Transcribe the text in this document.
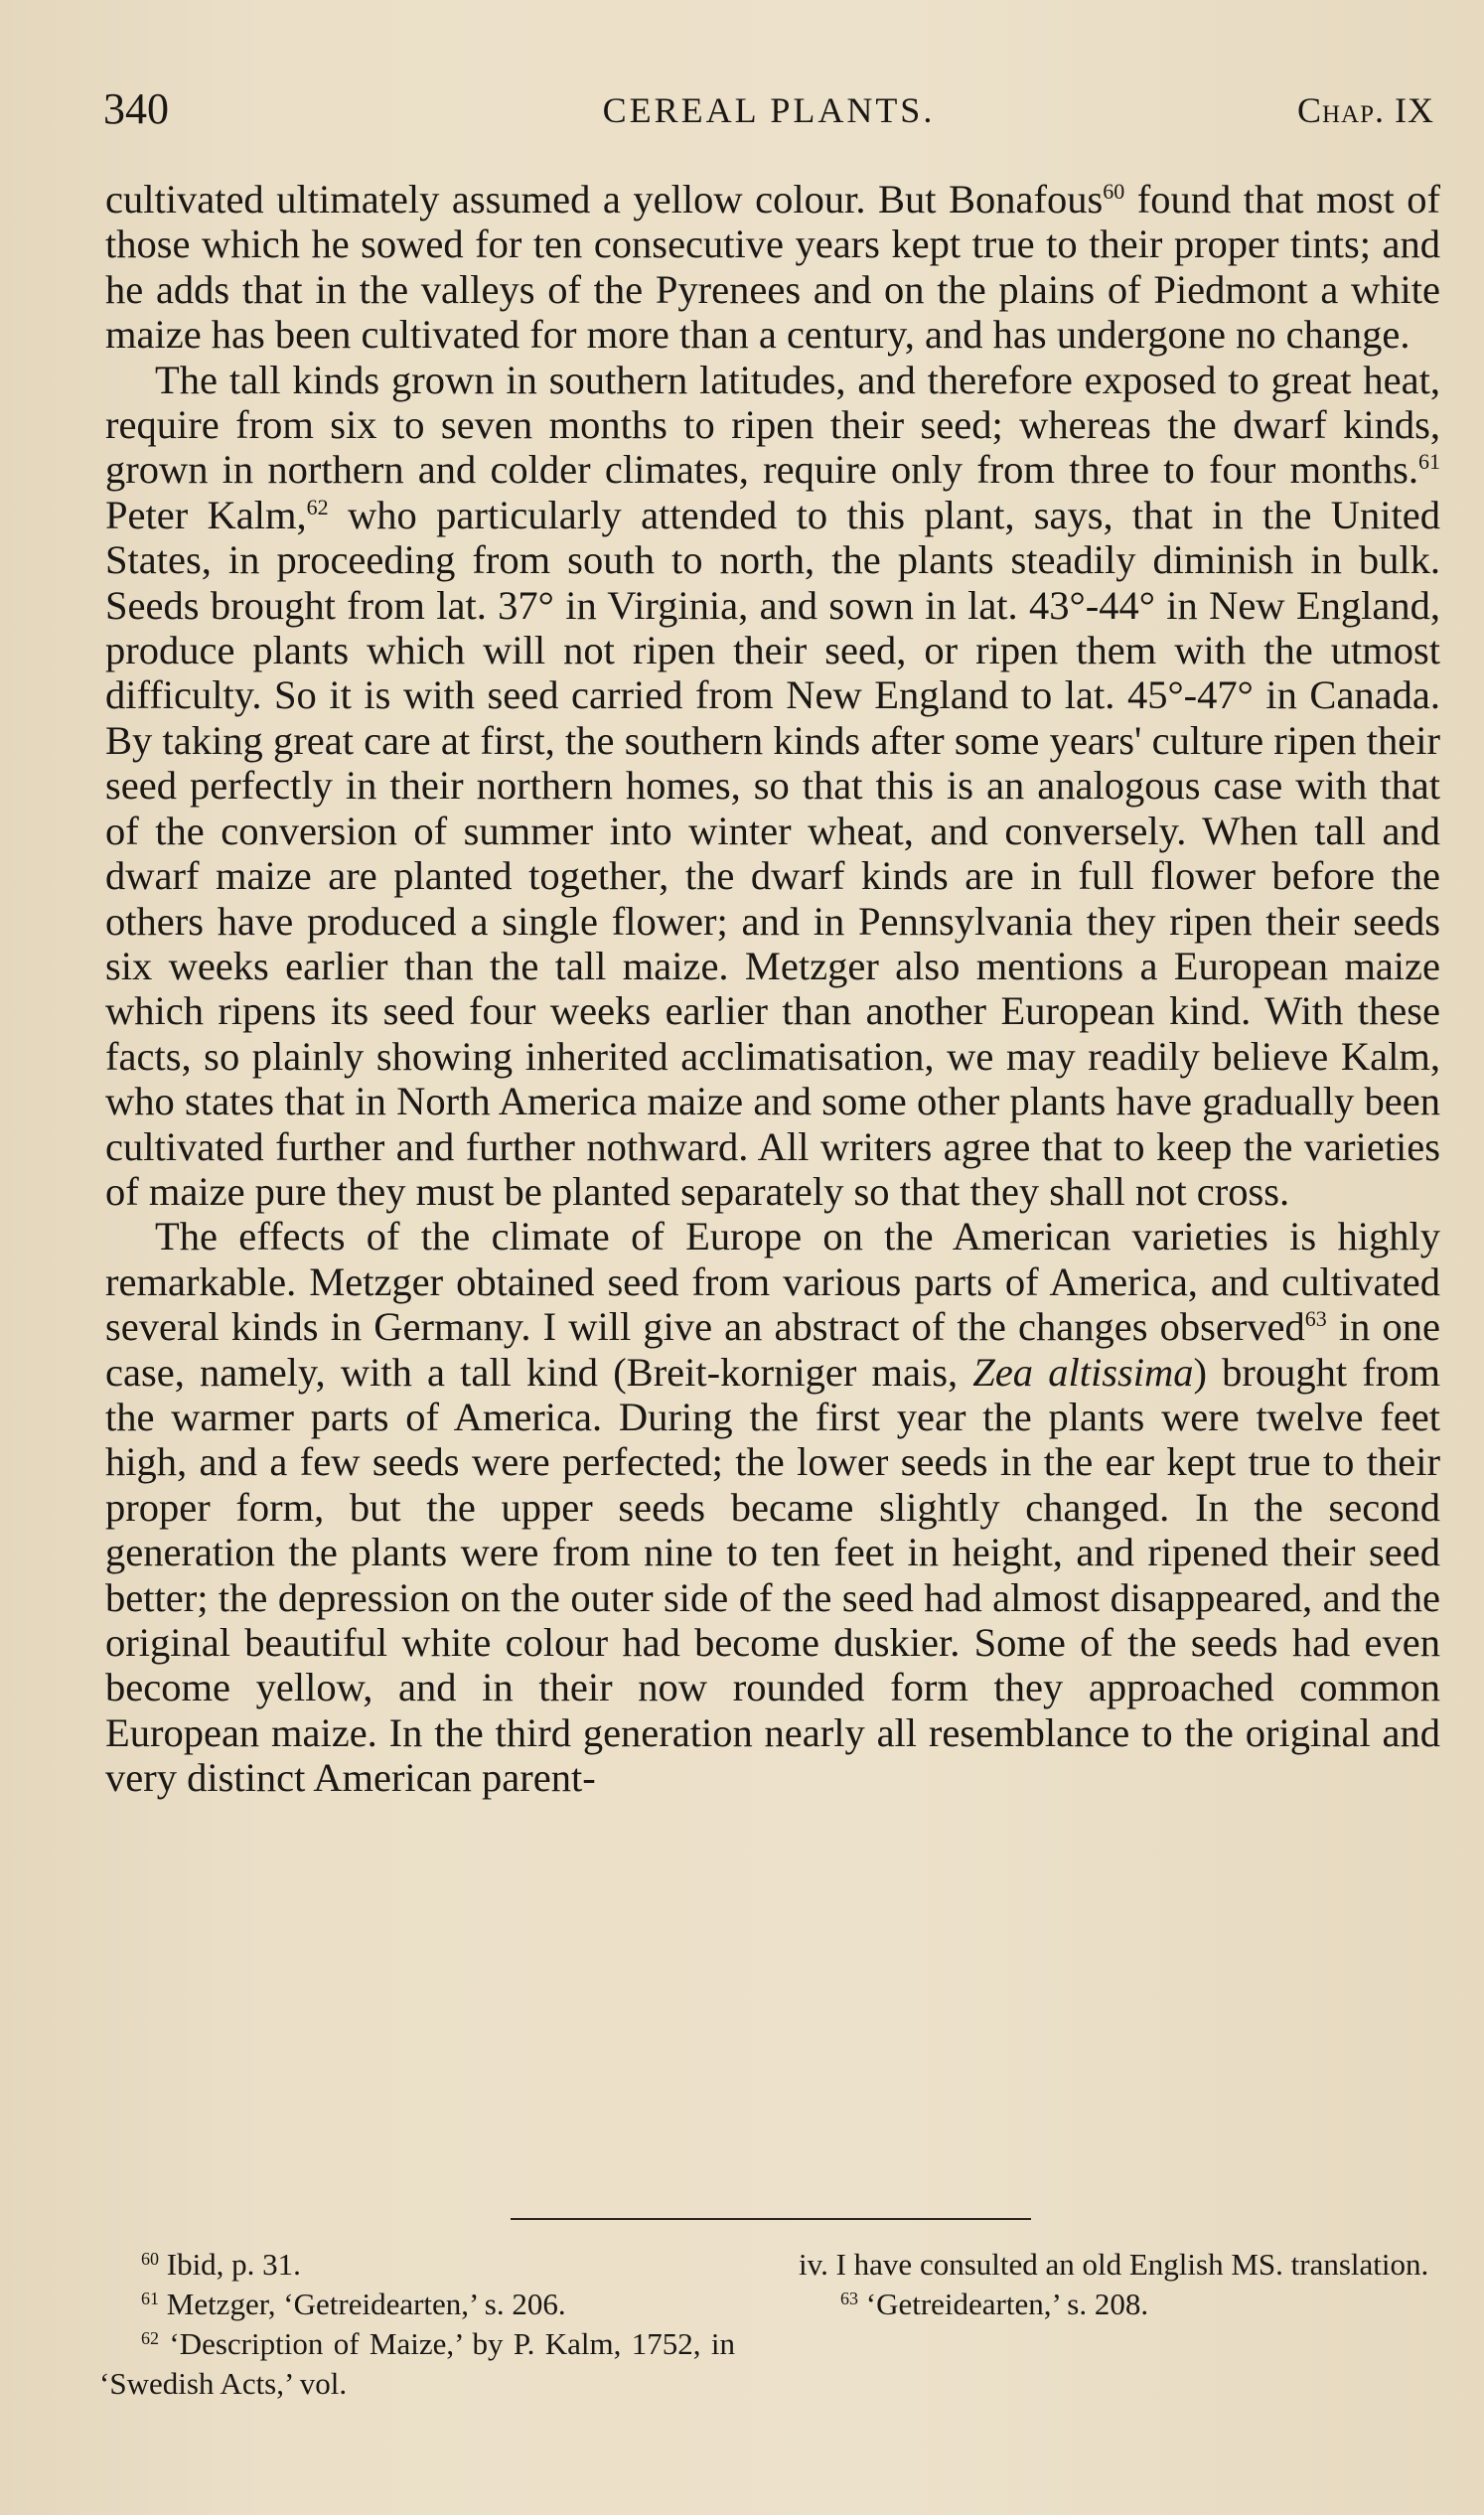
340	CEREAL PLANTS.	Chap. IX

cultivated ultimately assumed a yellow colour. But Bonafous$^{60}$ found that most of those which he sowed for ten consecutive years kept true to their proper tints; and he adds that in the valleys of the Pyrenees and on the plains of Piedmont a white maize has been cultivated for more than a century, and has undergone no change.

The tall kinds grown in southern latitudes, and therefore exposed to great heat, require from six to seven months to ripen their seed; whereas the dwarf kinds, grown in northern and colder climates, require only from three to four months.$^{61}$ Peter Kalm,$^{62}$ who particularly attended to this plant, says, that in the United States, in proceeding from south to north, the plants steadily diminish in bulk. Seeds brought from lat. 37° in Virginia, and sown in lat. 43°-44° in New England, produce plants which will not ripen their seed, or ripen them with the utmost difficulty. So it is with seed carried from New England to lat. 45°-47° in Canada. By taking great care at first, the southern kinds after some years' culture ripen their seed perfectly in their northern homes, so that this is an analogous case with that of the conversion of summer into winter wheat, and conversely. When tall and dwarf maize are planted together, the dwarf kinds are in full flower before the others have produced a single flower; and in Pennsylvania they ripen their seeds six weeks earlier than the tall maize. Metzger also mentions a European maize which ripens its seed four weeks earlier than another European kind. With these facts, so plainly showing inherited acclimatisation, we may readily believe Kalm, who states that in North America maize and some other plants have gradually been cultivated further and further nothward. All writers agree that to keep the varieties of maize pure they must be planted separately so that they shall not cross.

The effects of the climate of Europe on the American varieties is highly remarkable. Metzger obtained seed from various parts of America, and cultivated several kinds in Germany. I will give an abstract of the changes observed$^{63}$ in one case, namely, with a tall kind (Breit-korniger mais, Zea altissima) brought from the warmer parts of America. During the first year the plants were twelve feet high, and a few seeds were perfected; the lower seeds in the ear kept true to their proper form, but the upper seeds became slightly changed. In the second generation the plants were from nine to ten feet in height, and ripened their seed better; the depression on the outer side of the seed had almost disappeared, and the original beautiful white colour had become duskier. Some of the seeds had even become yellow, and in their now rounded form they approached common European maize. In the third generation nearly all resemblance to the original and very distinct American parent-

$^{60}$ Ibid, p. 31.

$^{61}$ Metzger, ‘Getreidearten,’ s. 206.

$^{62}$ ‘Description of Maize,’ by P. Kalm, 1752, in ‘Swedish Acts,’ vol.

iv. I have consulted an old English MS. translation.

$^{63}$ ‘Getreidearten,’ s. 208.
